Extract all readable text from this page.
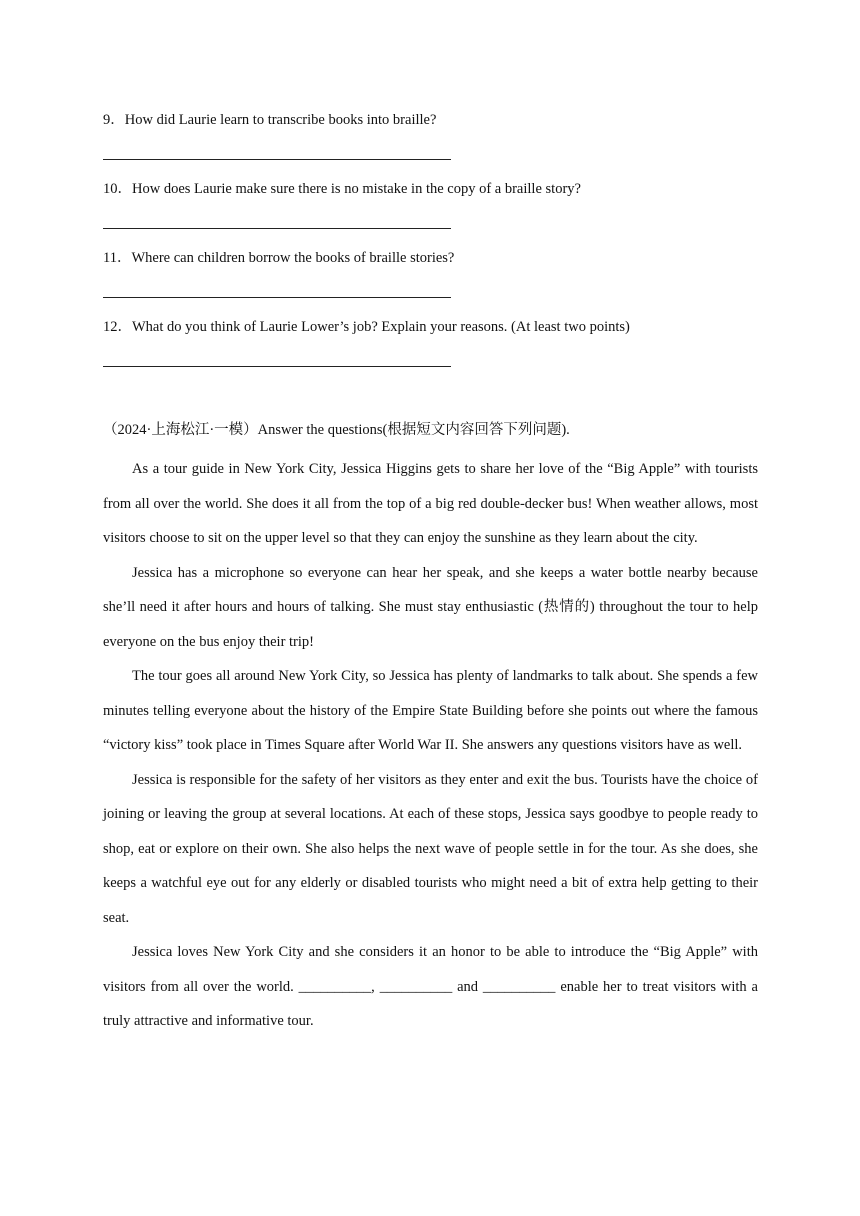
9．How did Laurie learn to transcribe books into braille?
10．How does Laurie make sure there is no mistake in the copy of a braille story?
11．Where can children borrow the books of braille stories?
12．What do you think of Laurie Lower’s job? Explain your reasons. (At least two points)
（2024·上海松江·一模）Answer the questions(根据短文内容回答下列问题).

As a tour guide in New York City, Jessica Higgins gets to share her love of the “Big Apple” with tourists from all over the world. She does it all from the top of a big red double-decker bus! When weather allows, most visitors choose to sit on the upper level so that they can enjoy the sunshine as they learn about the city.

Jessica has a microphone so everyone can hear her speak, and she keeps a water bottle nearby because she’ll need it after hours and hours of talking. She must stay enthusiastic (热情的) throughout the tour to help everyone on the bus enjoy their trip!

The tour goes all around New York City, so Jessica has plenty of landmarks to talk about. She spends a few minutes telling everyone about the history of the Empire State Building before she points out where the famous “victory kiss” took place in Times Square after World War II. She answers any questions visitors have as well.

Jessica is responsible for the safety of her visitors as they enter and exit the bus. Tourists have the choice of joining or leaving the group at several locations. At each of these stops, Jessica says goodbye to people ready to shop, eat or explore on their own. She also helps the next wave of people settle in for the tour. As she does, she keeps a watchful eye out for any elderly or disabled tourists who might need a bit of extra help getting to their seat.

Jessica loves New York City and she considers it an honor to be able to introduce the “Big Apple” with visitors from all over the world. __________, __________ and __________ enable her to treat visitors with a truly attractive and informative tour.
